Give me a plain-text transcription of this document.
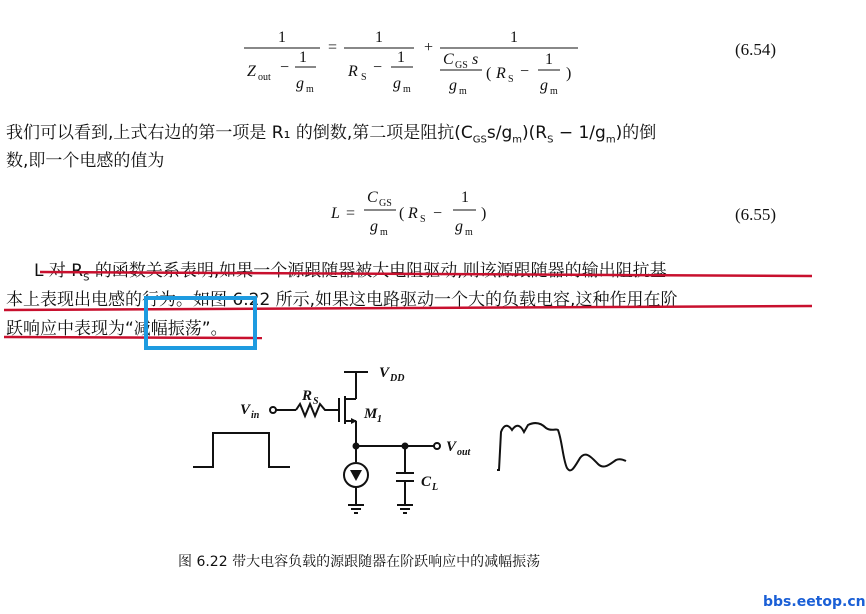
1
Z out
−
1
g m
=
1
R S
−
1
g m
+
1
C GS s
g m
( R S −
1
g m
)
(6.54)
我们可以看到,上式右边的第一项是 R₁ 的倒数,第二项是阻抗$(C_{GS}s/g_m)(R_S - 1/g_m)$的倒
数,即一个电感的值为
L =
C GS
g m
( R S −
1
g m
)	(6.55)
L 对 $R_S$ 的函数关系表明,如果一个源跟随器被大电阻驱动,则该源跟随器的输出阻抗基
本上表现出电感的行为。如图 6.22 所示,如果这电路驱动一个大的负载电容,这种作用在阶
跃响应中表现为“减幅振荡”。
V DD
R S
V in	M 1
V out
C L
图 6.22 带大电容负载的源跟随器在阶跃响应中的减幅振荡
bbs.eetop.cn
